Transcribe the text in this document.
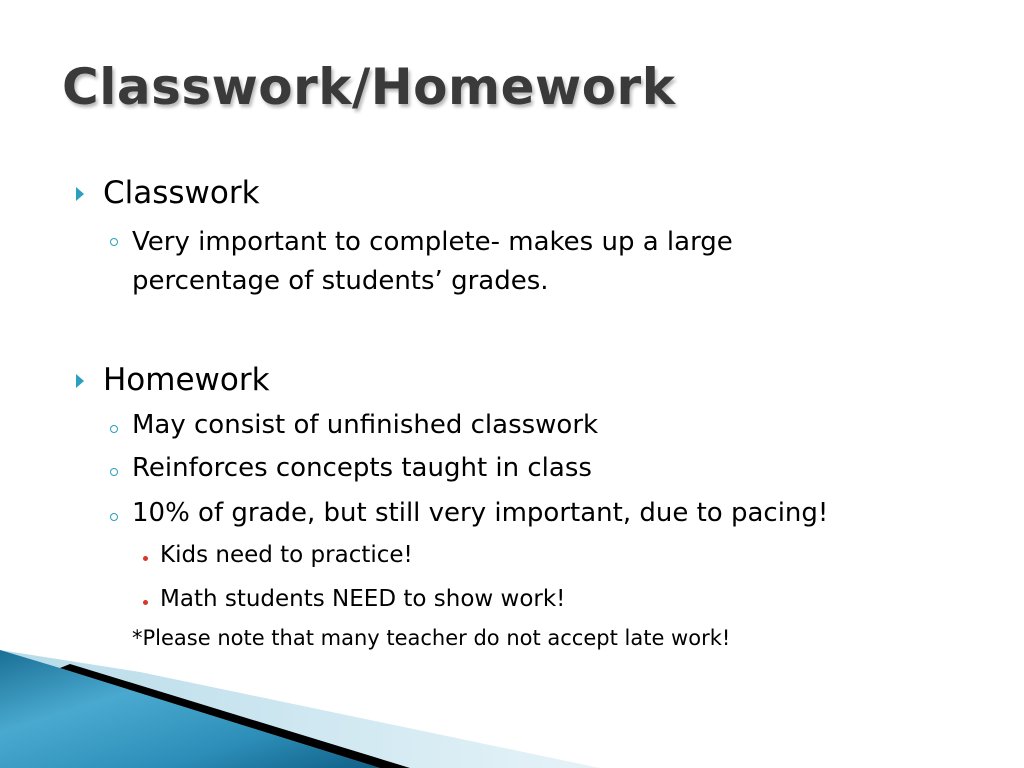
Classwork/Homework
Classwork
Very important to complete- makes up a large percentage of students’ grades.
Homework
May consist of unfinished classwork
Reinforces concepts taught in class
10% of grade, but still very important, due to pacing!
Kids need to practice!
Math students NEED to show work!
*Please note that many teacher do not accept late work!
